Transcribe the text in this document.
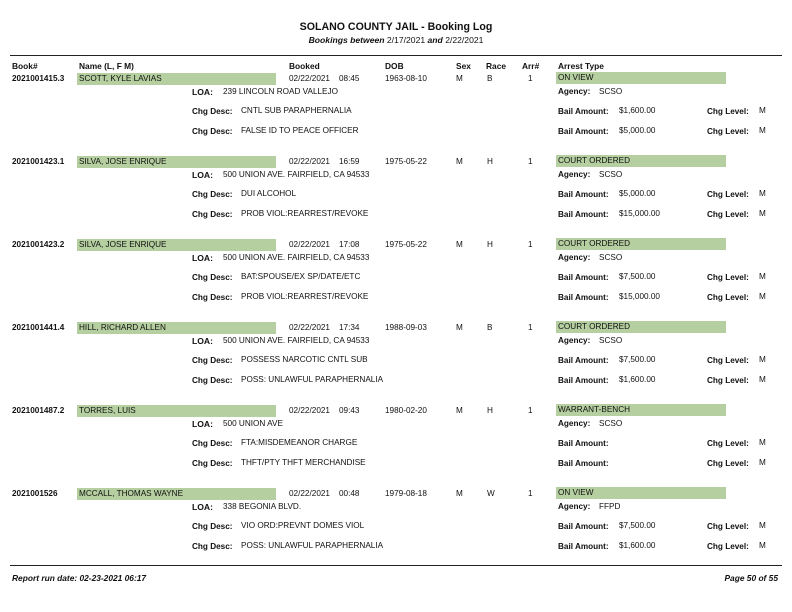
SOLANO COUNTY JAIL - Booking Log
Bookings between 2/17/2021 and 2/22/2021
Book#	Name (L, F M)	Booked	DOB	Sex Race Arr# Arrest Type
2021001415.3 SCOTT, KYLE LAVIAS	02/22/2021 08:45	1963-08-10	M	B	1	ON VIEW
LOA: 239 LINCOLN ROAD VALLEJO	Agency: SCSO
Chg Desc: CNTL SUB PARAPHERNALIA	Bail Amount: $1,600.00	Chg Level: M
Chg Desc: FALSE ID TO PEACE OFFICER	Bail Amount: $5,000.00	Chg Level: M
2021001423.1 SILVA, JOSE ENRIQUE	02/22/2021 16:59	1975-05-22	M	H	1	COURT ORDERED
LOA: 500 UNION AVE. FAIRFIELD, CA 94533	Agency: SCSO
Chg Desc: DUI ALCOHOL	Bail Amount: $5,000.00	Chg Level: M
Chg Desc: PROB VIOL:REARREST/REVOKE	Bail Amount: $15,000.00	Chg Level: M
2021001423.2 SILVA, JOSE ENRIQUE	02/22/2021 17:08	1975-05-22	M	H	1	COURT ORDERED
LOA: 500 UNION AVE. FAIRFIELD, CA 94533	Agency: SCSO
Chg Desc: BAT:SPOUSE/EX SP/DATE/ETC	Bail Amount: $7,500.00	Chg Level: M
Chg Desc: PROB VIOL:REARREST/REVOKE	Bail Amount: $15,000.00	Chg Level: M
2021001441.4 HILL, RICHARD ALLEN	02/22/2021 17:34	1988-09-03	M	B	1	COURT ORDERED
LOA: 500 UNION AVE. FAIRFIELD, CA 94533	Agency: SCSO
Chg Desc: POSSESS NARCOTIC CNTL SUB	Bail Amount: $7,500.00	Chg Level: M
Chg Desc: POSS: UNLAWFUL PARAPHERNALIA	Bail Amount: $1,600.00	Chg Level: M
2021001487.2 TORRES, LUIS	02/22/2021 09:43	1980-02-20	M	H	1	WARRANT-BENCH
LOA: 500 UNION AVE	Agency: SCSO
Chg Desc: FTA:MISDEMEANOR CHARGE	Bail Amount:	Chg Level: M
Chg Desc: THFT/PTY THFT MERCHANDISE	Bail Amount:	Chg Level: M
2021001526	MCCALL, THOMAS WAYNE	02/22/2021 00:48	1979-08-18	M	W	1	ON VIEW
LOA: 338 BEGONIA BLVD.	Agency: FFPD
Chg Desc: VIO ORD:PREVNT DOMES VIOL	Bail Amount: $7,500.00	Chg Level: M
Chg Desc: POSS: UNLAWFUL PARAPHERNALIA	Bail Amount: $1,600.00	Chg Level: M
Report run date: 02-23-2021 06:17	Page 50 of 55
